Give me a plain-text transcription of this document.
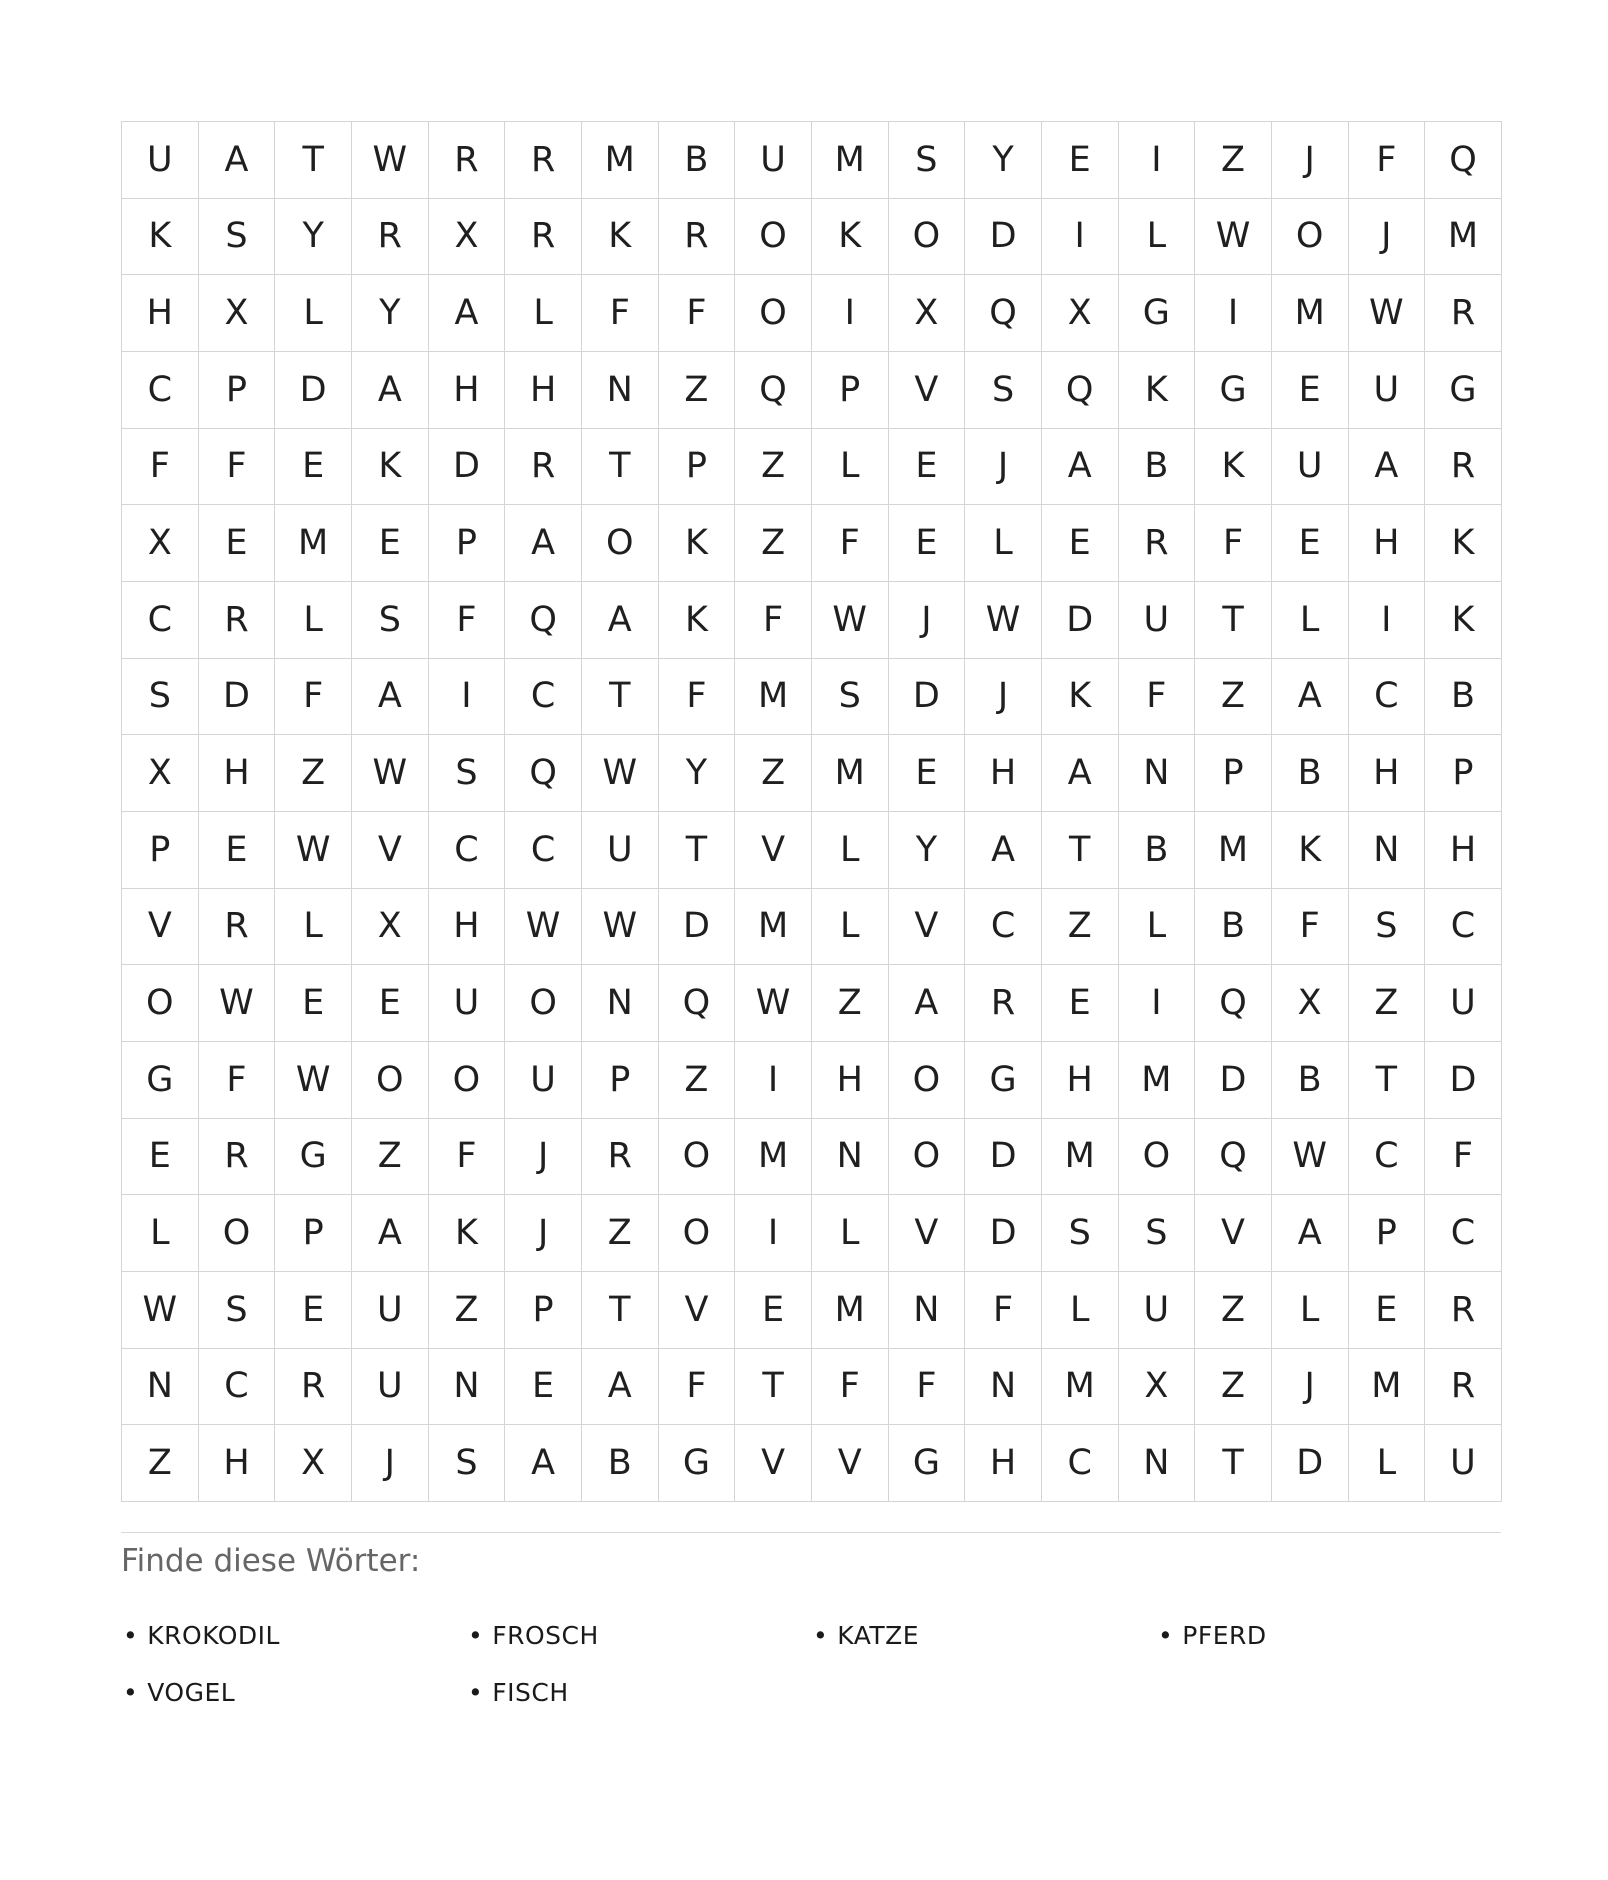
U	A	T	W	R	R	M	B	U	M	S	Y	E	I	Z	J	F	Q
K	S	Y	R	X	R	K	R	O	K	O	D	I	L	W	O	J	M
H	X	L	Y	A	L	F	F	O	I	X	Q	X	G	I	M	W	R
C	P	D	A	H	H	N	Z	Q	P	V	S	Q	K	G	E	U	G
F	F	E	K	D	R	T	P	Z	L	E	J	A	B	K	U	A	R
X	E	M	E	P	A	O	K	Z	F	E	L	E	R	F	E	H	K
C	R	L	S	F	Q	A	K	F	W	J	W	D	U	T	L	I	K
S	D	F	A	I	C	T	F	M	S	D	J	K	F	Z	A	C	B
X	H	Z	W	S	Q	W	Y	Z	M	E	H	A	N	P	B	H	P
P	E	W	V	C	C	U	T	V	L	Y	A	T	B	M	K	N	H
V	R	L	X	H	W	W	D	M	L	V	C	Z	L	B	F	S	C
O	W	E	E	U	O	N	Q	W	Z	A	R	E	I	Q	X	Z	U
G	F	W	O	O	U	P	Z	I	H	O	G	H	M	D	B	T	D
E	R	G	Z	F	J	R	O	M	N	O	D	M	O	Q	W	C	F
L	O	P	A	K	J	Z	O	I	L	V	D	S	S	V	A	P	C
W	S	E	U	Z	P	T	V	E	M	N	F	L	U	Z	L	E	R
N	C	R	U	N	E	A	F	T	F	F	N	M	X	Z	J	M	R
Z	H	X	J	S	A	B	G	V	V	G	H	C	N	T	D	L	U
Finde diese Wörter:
• KROKODIL	• FROSCH	• KATZE	• PFERD
• VOGEL	• FISCH
